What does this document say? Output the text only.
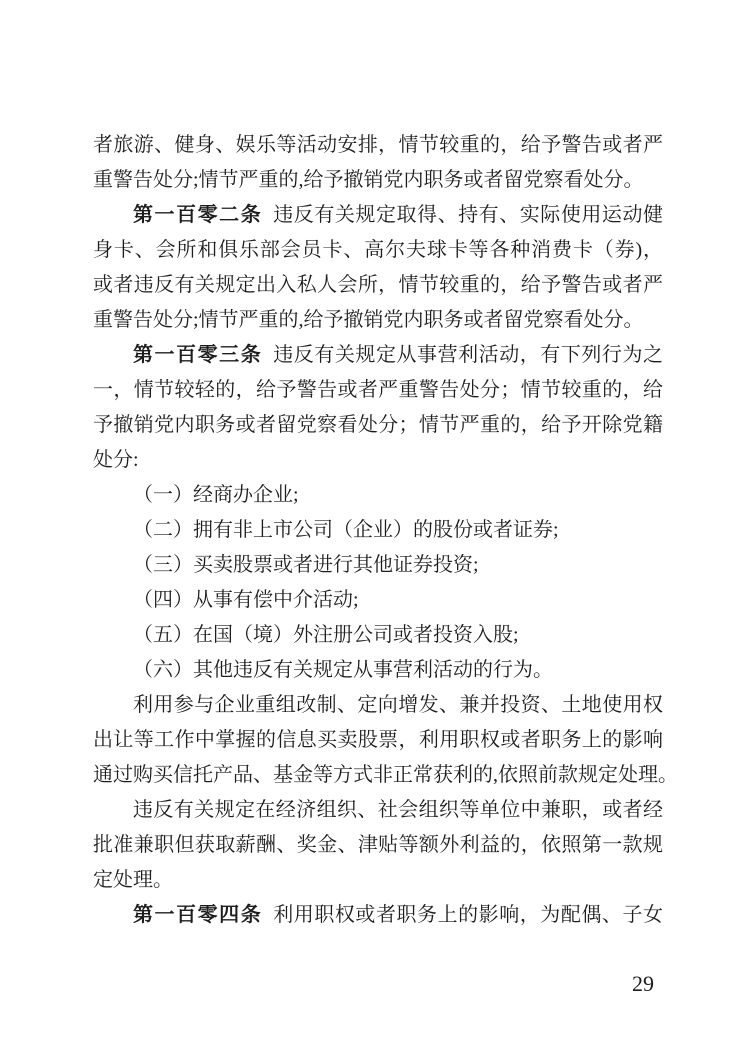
者旅游、健身、娱乐等活动安排，情节较重的，给予警告或者严
重警告处分;情节严重的,给予撤销党内职务或者留党察看处分。
第一百零二条 违反有关规定取得、持有、实际使用运动健
身卡、会所和俱乐部会员卡、高尔夫球卡等各种消费卡（券)，
或者违反有关规定出入私人会所，情节较重的，给予警告或者严
重警告处分;情节严重的,给予撤销党内职务或者留党察看处分。
第一百零三条 违反有关规定从事营利活动，有下列行为之
一，情节较轻的，给予警告或者严重警告处分；情节较重的，给
予撤销党内职务或者留党察看处分；情节严重的，给予开除党籍
处分:
（一）经商办企业;
（二）拥有非上市公司（企业）的股份或者证券;
（三）买卖股票或者进行其他证券投资;
（四）从事有偿中介活动;
（五）在国（境）外注册公司或者投资入股;
（六）其他违反有关规定从事营利活动的行为。
利用参与企业重组改制、定向增发、兼并投资、土地使用权
出让等工作中掌握的信息买卖股票，利用职权或者职务上的影响
通过购买信托产品、基金等方式非正常获利的,依照前款规定处理。
违反有关规定在经济组织、社会组织等单位中兼职，或者经
批准兼职但获取薪酬、奖金、津贴等额外利益的，依照第一款规
定处理。
第一百零四条 利用职权或者职务上的影响，为配偶、子女
29
